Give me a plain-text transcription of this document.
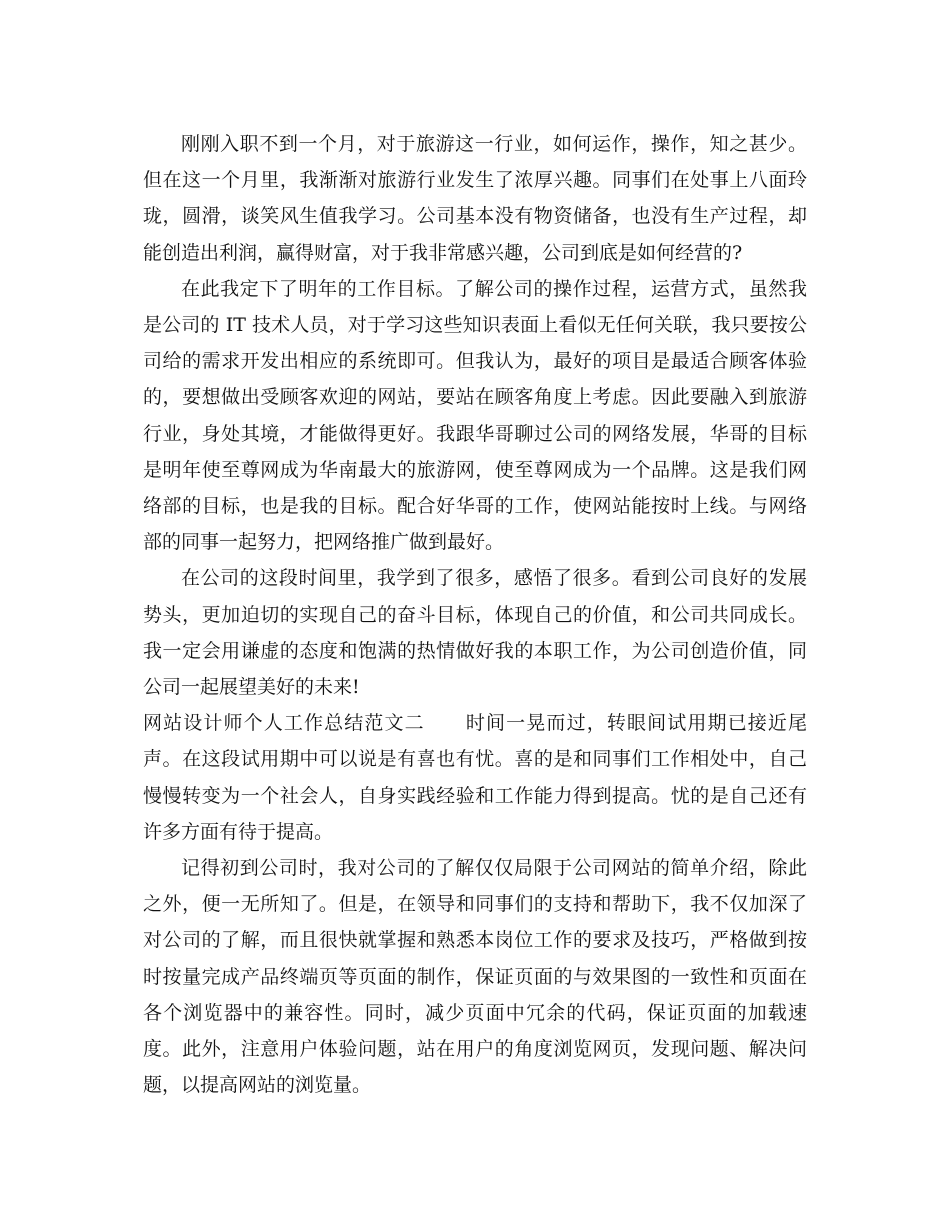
刚刚入职不到一个月，对于旅游这一行业，如何运作，操作，知之甚少。但在这一个月里，我渐渐对旅游行业发生了浓厚兴趣。同事们在处事上八面玲珑，圆滑，谈笑风生值我学习。公司基本没有物资储备，也没有生产过程，却能创造出利润，赢得财富，对于我非常感兴趣，公司到底是如何经营的?

在此我定下了明年的工作目标。了解公司的操作过程，运营方式，虽然我是公司的 IT 技术人员，对于学习这些知识表面上看似无任何关联，我只要按公司给的需求开发出相应的系统即可。但我认为，最好的项目是最适合顾客体验的，要想做出受顾客欢迎的网站，要站在顾客角度上考虑。因此要融入到旅游行业，身处其境，才能做得更好。我跟华哥聊过公司的网络发展，华哥的目标是明年使至尊网成为华南最大的旅游网，使至尊网成为一个品牌。这是我们网络部的目标，也是我的目标。配合好华哥的工作，使网站能按时上线。与网络部的同事一起努力，把网络推广做到最好。

在公司的这段时间里，我学到了很多，感悟了很多。看到公司良好的发展势头，更加迫切的实现自己的奋斗目标，体现自己的价值，和公司共同成长。我一定会用谦虚的态度和饱满的热情做好我的本职工作，为公司创造价值，同公司一起展望美好的未来!

网站设计师个人工作总结范文二 时间一晃而过，转眼间试用期已接近尾声。在这段试用期中可以说是有喜也有忧。喜的是和同事们工作相处中，自己慢慢转变为一个社会人，自身实践经验和工作能力得到提高。忧的是自己还有许多方面有待于提高。

记得初到公司时，我对公司的了解仅仅局限于公司网站的简单介绍，除此之外，便一无所知了。但是，在领导和同事们的支持和帮助下，我不仅加深了对公司的了解，而且很快就掌握和熟悉本岗位工作的要求及技巧，严格做到按时按量完成产品终端页等页面的制作，保证页面的与效果图的一致性和页面在各个浏览器中的兼容性。同时，减少页面中冗余的代码，保证页面的加载速度。此外，注意用户体验问题，站在用户的角度浏览网页，发现问题、解决问题，以提高网站的浏览量。
